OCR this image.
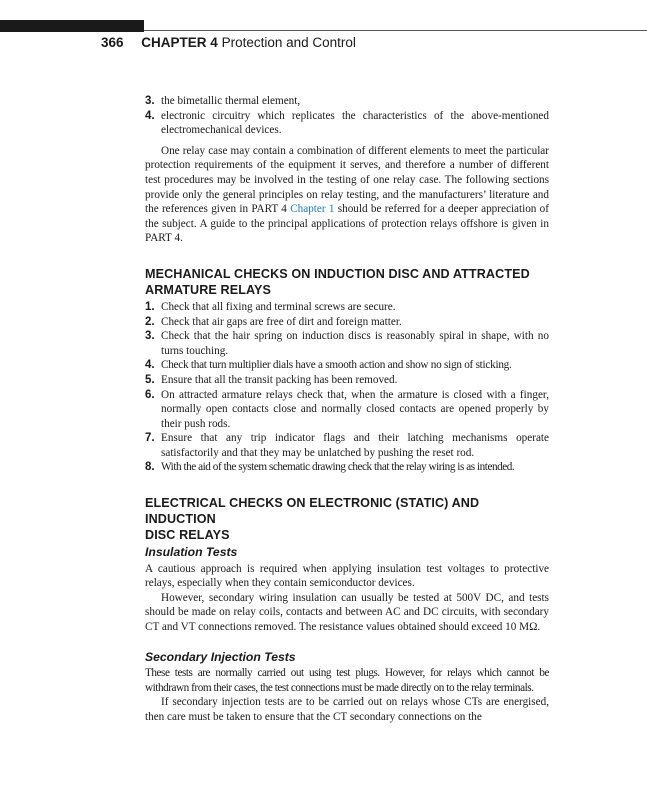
366 CHAPTER 4 Protection and Control
3. the bimetallic thermal element,
4. electronic circuitry which replicates the characteristics of the above-mentioned electromechanical devices.

One relay case may contain a combination of different elements to meet the particular protection requirements of the equipment it serves, and therefore a number of different test procedures may be involved in the testing of one relay case. The following sections provide only the general principles on relay testing, and the manufacturers’ literature and the references given in PART 4 Chapter 1 should be referred for a deeper appreciation of the subject. A guide to the principal applications of protection relays offshore is given in PART 4.

MECHANICAL CHECKS ON INDUCTION DISC AND ATTRACTED
ARMATURE RELAYS
1. Check that all fixing and terminal screws are secure.
2. Check that air gaps are free of dirt and foreign matter.
3. Check that the hair spring on induction discs is reasonably spiral in shape, with no turns touching.
4. Check that turn multiplier dials have a smooth action and show no sign of sticking.
5. Ensure that all the transit packing has been removed.
6. On attracted armature relays check that, when the armature is closed with a finger, normally open contacts close and normally closed contacts are opened properly by their push rods.
7. Ensure that any trip indicator flags and their latching mechanisms operate satisfactorily and that they may be unlatched by pushing the reset rod.
8. With the aid of the system schematic drawing check that the relay wiring is as intended.
ELECTRICAL CHECKS ON ELECTRONIC (STATIC) AND INDUCTION
DISC RELAYS
Insulation Tests

A cautious approach is required when applying insulation test voltages to protective relays, especially when they contain semiconductor devices.

However, secondary wiring insulation can usually be tested at 500V DC, and tests should be made on relay coils, contacts and between AC and DC circuits, with secondary CT and VT connections removed. The resistance values obtained should exceed 10 MΩ.

Secondary Injection Tests

These tests are normally carried out using test plugs. However, for relays which cannot be withdrawn from their cases, the test connections must be made directly on to the relay terminals.

If secondary injection tests are to be carried out on relays whose CTs are energised, then care must be taken to ensure that the CT secondary connections on the
